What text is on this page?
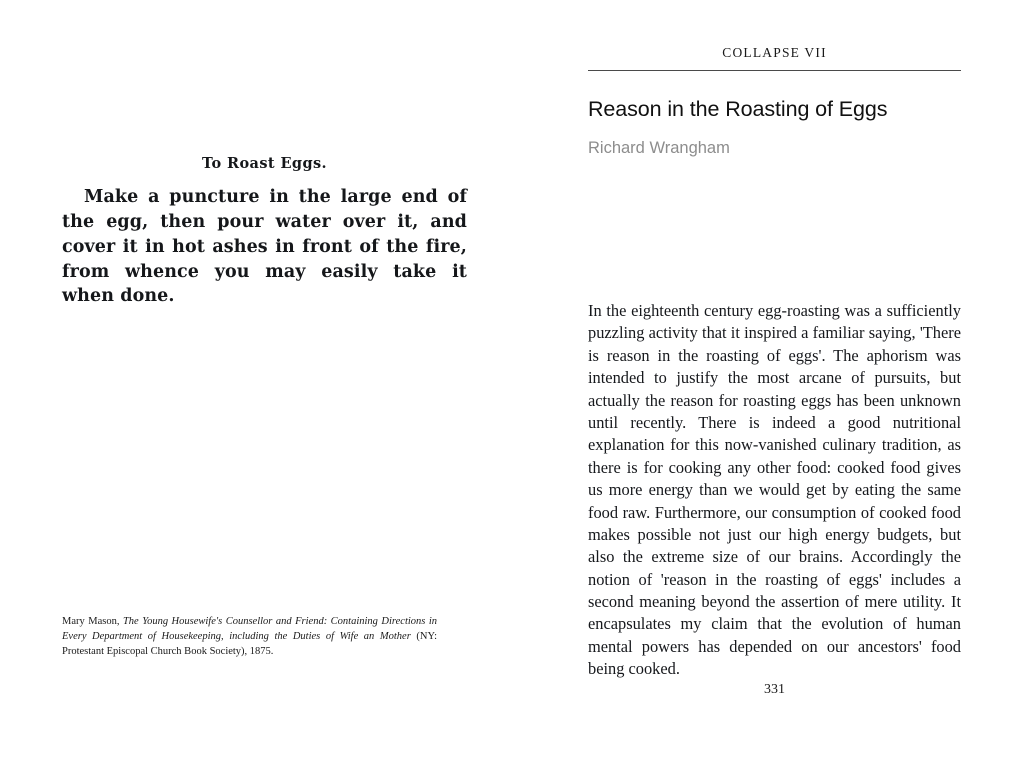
To Roast Eggs.
Make a puncture in the large end of the egg, then pour water over it, and cover it in hot ashes in front of the fire, from whence you may easily take it when done.
Mary Mason, The Young Housewife's Counsellor and Friend: Containing Directions in Every Department of Housekeeping, including the Duties of Wife an Mother (NY: Protestant Episcopal Church Book Society), 1875.
COLLAPSE VII
Reason in the Roasting of Eggs
Richard Wrangham
In the eighteenth century egg-roasting was a sufficiently puzzling activity that it inspired a familiar saying, 'There is reason in the roasting of eggs'. The aphorism was intended to justify the most arcane of pursuits, but actually the reason for roasting eggs has been unknown until recently. There is indeed a good nutritional explanation for this now-vanished culinary tradition, as there is for cooking any other food: cooked food gives us more energy than we would get by eating the same food raw. Furthermore, our consumption of cooked food makes possible not just our high energy budgets, but also the extreme size of our brains. Accordingly the notion of 'reason in the roasting of eggs' includes a second meaning beyond the assertion of mere utility. It encapsulates my claim that the evolution of human mental powers has depended on our ancestors' food being cooked.
331
